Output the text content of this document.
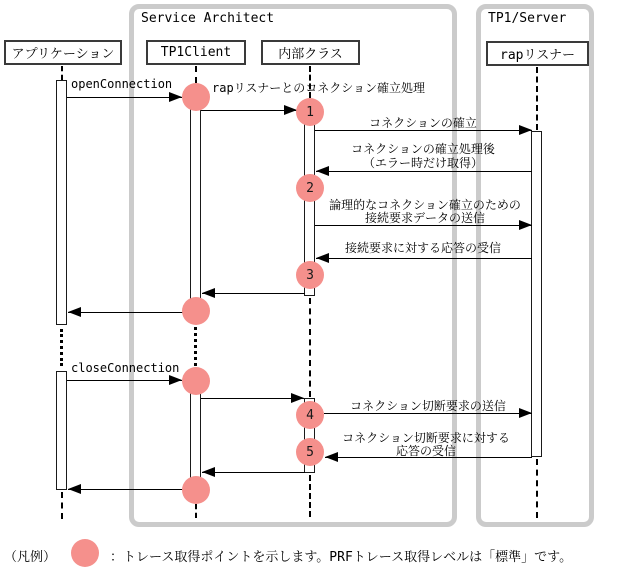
Service Architect	TP1/Server
アプリケーション	TP1Client	内部クラス	rapリスナー
1
2
3
4
5
openConnection	rapリスナーとのコネクション確立処理
コネクションの確立
コネクションの確立処理後
（エラー時だけ取得）
論理的なコネクション確立のための
接続要求データの送信
接続要求に対する応答の受信
closeConnection
コネクション切断要求の送信
コネクション切断要求に対する
応答の受信
（凡例）	：トレース取得ポイントを示します。PRFトレース取得レベルは「標準」です。
